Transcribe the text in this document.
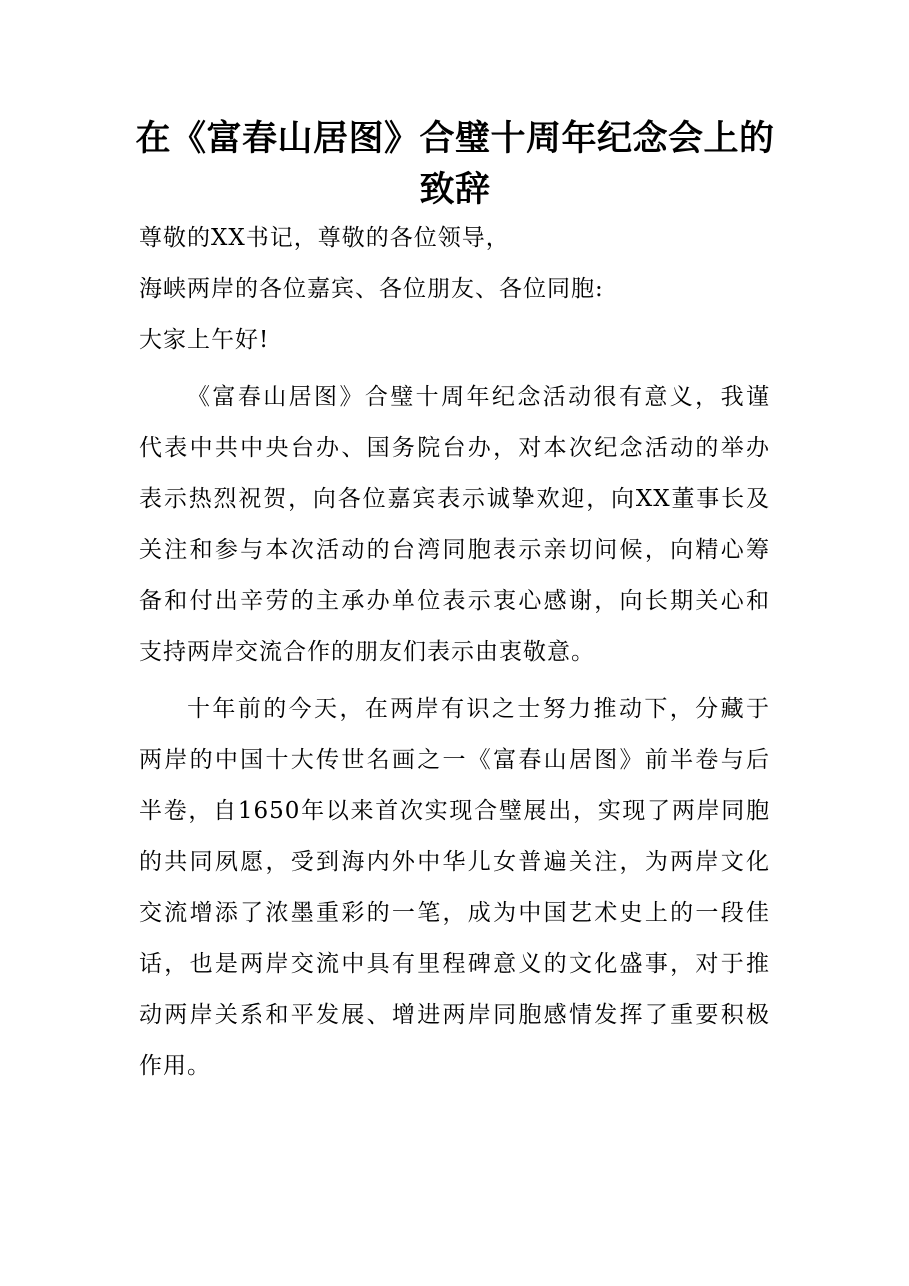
在《富春山居图》合璧十周年纪念会上的
致辞
尊敬的XX书记，尊敬的各位领导，
海峡两岸的各位嘉宾、各位朋友、各位同胞:
大家上午好!
《富春山居图》合璧十周年纪念活动很有意义，我谨
代表中共中央台办、国务院台办，对本次纪念活动的举办
表示热烈祝贺，向各位嘉宾表示诚挚欢迎，向XX董事长及
关注和参与本次活动的台湾同胞表示亲切问候，向精心筹
备和付出辛劳的主承办单位表示衷心感谢，向长期关心和
支持两岸交流合作的朋友们表示由衷敬意。
十年前的今天，在两岸有识之士努力推动下，分藏于
两岸的中国十大传世名画之一《富春山居图》前半卷与后
半卷，自1650年以来首次实现合璧展出，实现了两岸同胞
的共同夙愿，受到海内外中华儿女普遍关注，为两岸文化
交流增添了浓墨重彩的一笔，成为中国艺术史上的一段佳
话，也是两岸交流中具有里程碑意义的文化盛事，对于推
动两岸关系和平发展、增进两岸同胞感情发挥了重要积极
作用。
